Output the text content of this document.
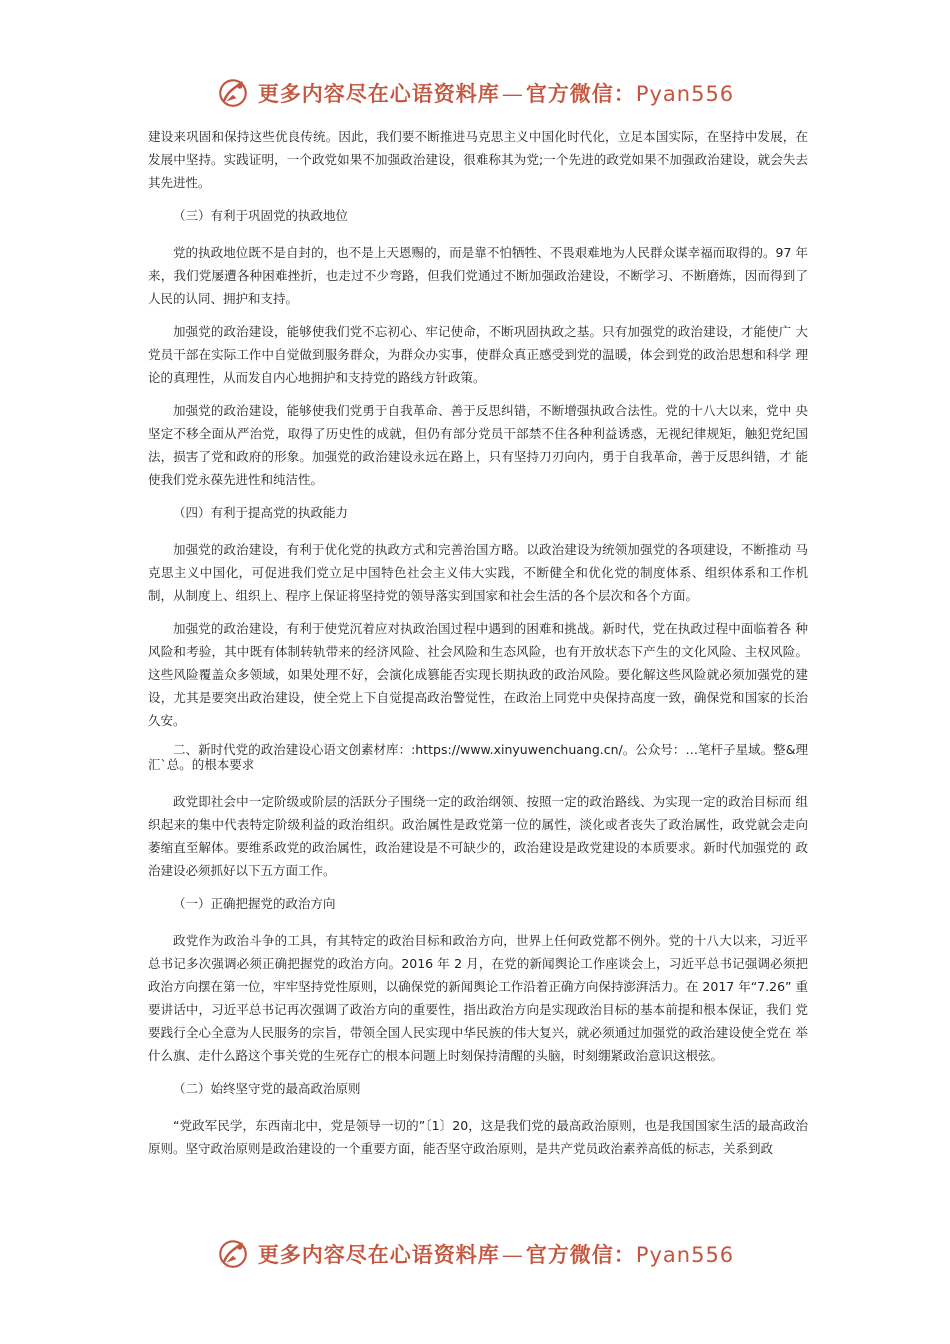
更多内容尽在心语资料库—官方微信：Pyan556

建设来巩固和保持这些优良传统。因此，我们要不断推进马克思主义中国化时代化，立足本国实际，在坚持中发展，在 发展中坚持。实践证明，一个政党如果不加强政治建设，很难称其为党;一个先进的政党如果不加强政治建设，就会失去其先进性。

（三）有利于巩固党的执政地位

党的执政地位既不是自封的，也不是上天恩赐的，而是靠不怕牺牲、不畏艰难地为人民群众谋幸福而取得的。97 年来，我们党屡遭各种困难挫折，也走过不少弯路，但我们党通过不断加强政治建设，不断学习、不断磨炼，因而得到了人民的认同、拥护和支持。

加强党的政治建设，能够使我们党不忘初心、牢记使命，不断巩固执政之基。只有加强党的政治建设，才能使广 大党员干部在实际工作中自觉做到服务群众，为群众办实事，使群众真正感受到党的温暖，体会到党的政治思想和科学 理论的真理性，从而发自内心地拥护和支持党的路线方针政策。

加强党的政治建设，能够使我们党勇于自我革命、善于反思纠错，不断增强执政合法性。党的十八大以来，党中 央坚定不移全面从严治党，取得了历史性的成就，但仍有部分党员干部禁不住各种利益诱惑，无视纪律规矩，触犯党纪国法，损害了党和政府的形象。加强党的政治建设永远在路上，只有坚持刀刃向内，勇于自我革命，善于反思纠错，才 能使我们党永葆先进性和纯洁性。

（四）有利于提高党的执政能力

加强党的政治建设，有利于优化党的执政方式和完善治国方略。以政治建设为统领加强党的各项建设，不断推动 马克思主义中国化，可促进我们党立足中国特色社会主义伟大实践，不断健全和优化党的制度体系、组织体系和工作机 制，从制度上、组织上、程序上保证将坚持党的领导落实到国家和社会生活的各个层次和各个方面。

加强党的政治建设，有利于使党沉着应对执政治国过程中遇到的困难和挑战。新时代，党在执政过程中面临着各 种风险和考验，其中既有体制转轨带来的经济风险、社会风险和生态风险，也有开放状态下产生的文化风险、主权风险。这些风险覆盖众多领域，如果处理不好，会演化成篡能否实现长期执政的政治风险。要化解这些风险就必须加强党的建设，尤其是要突出政治建设，使全党上下自觉提高政治警觉性，在政治上同党中央保持高度一致，确保党和国家的长治久安。

二、新时代党的政治建设心语文创素材库：:https://www.xinyuwenchuang.cn/。公众号：…笔杆子星域。整&理汇`总。的根本要求

政党即社会中一定阶级或阶层的活跃分子围绕一定的政治纲领、按照一定的政治路线、为实现一定的政治目标而 组织起来的集中代表特定阶级利益的政治组织。政治属性是政党第一位的属性，淡化或者丧失了政治属性，政党就会走向萎缩直至解体。要维系政党的政治属性，政治建设是不可缺少的，政治建设是政党建设的本质要求。新时代加强党的 政治建设必须抓好以下五方面工作。

（一）正确把握党的政治方向

政党作为政治斗争的工具，有其特定的政治目标和政治方向，世界上任何政党都不例外。党的十八大以来，习近平总书记多次强调必须正确把握党的政治方向。2016 年 2 月，在党的新闻舆论工作座谈会上，习近平总书记强调必须把政治方向摆在第一位，牢牢坚持党性原则，以确保党的新闻舆论工作沿着正确方向保持澎湃活力。在 2017 年“7.26” 重要讲话中，习近平总书记再次强调了政治方向的重要性，指出政治方向是实现政治目标的基本前提和根本保证，我们 党要践行全心全意为人民服务的宗旨，带领全国人民实现中华民族的伟大复兴，就必须通过加强党的政治建设使全党在 举什么旗、走什么路这个事关党的生死存亡的根本问题上时刻保持清醒的头脑，时刻绷紧政治意识这根弦。

（二）始终坚守党的最高政治原则

“党政军民学，东西南北中，党是领导一切的”〔1〕20，这是我们党的最高政治原则，也是我国国家生活的最高政治原则。坚守政治原则是政治建设的一个重要方面，能否坚守政治原则，是共产党员政治素养高低的标志，关系到政

更多内容尽在心语资料库—官方微信：Pyan556
